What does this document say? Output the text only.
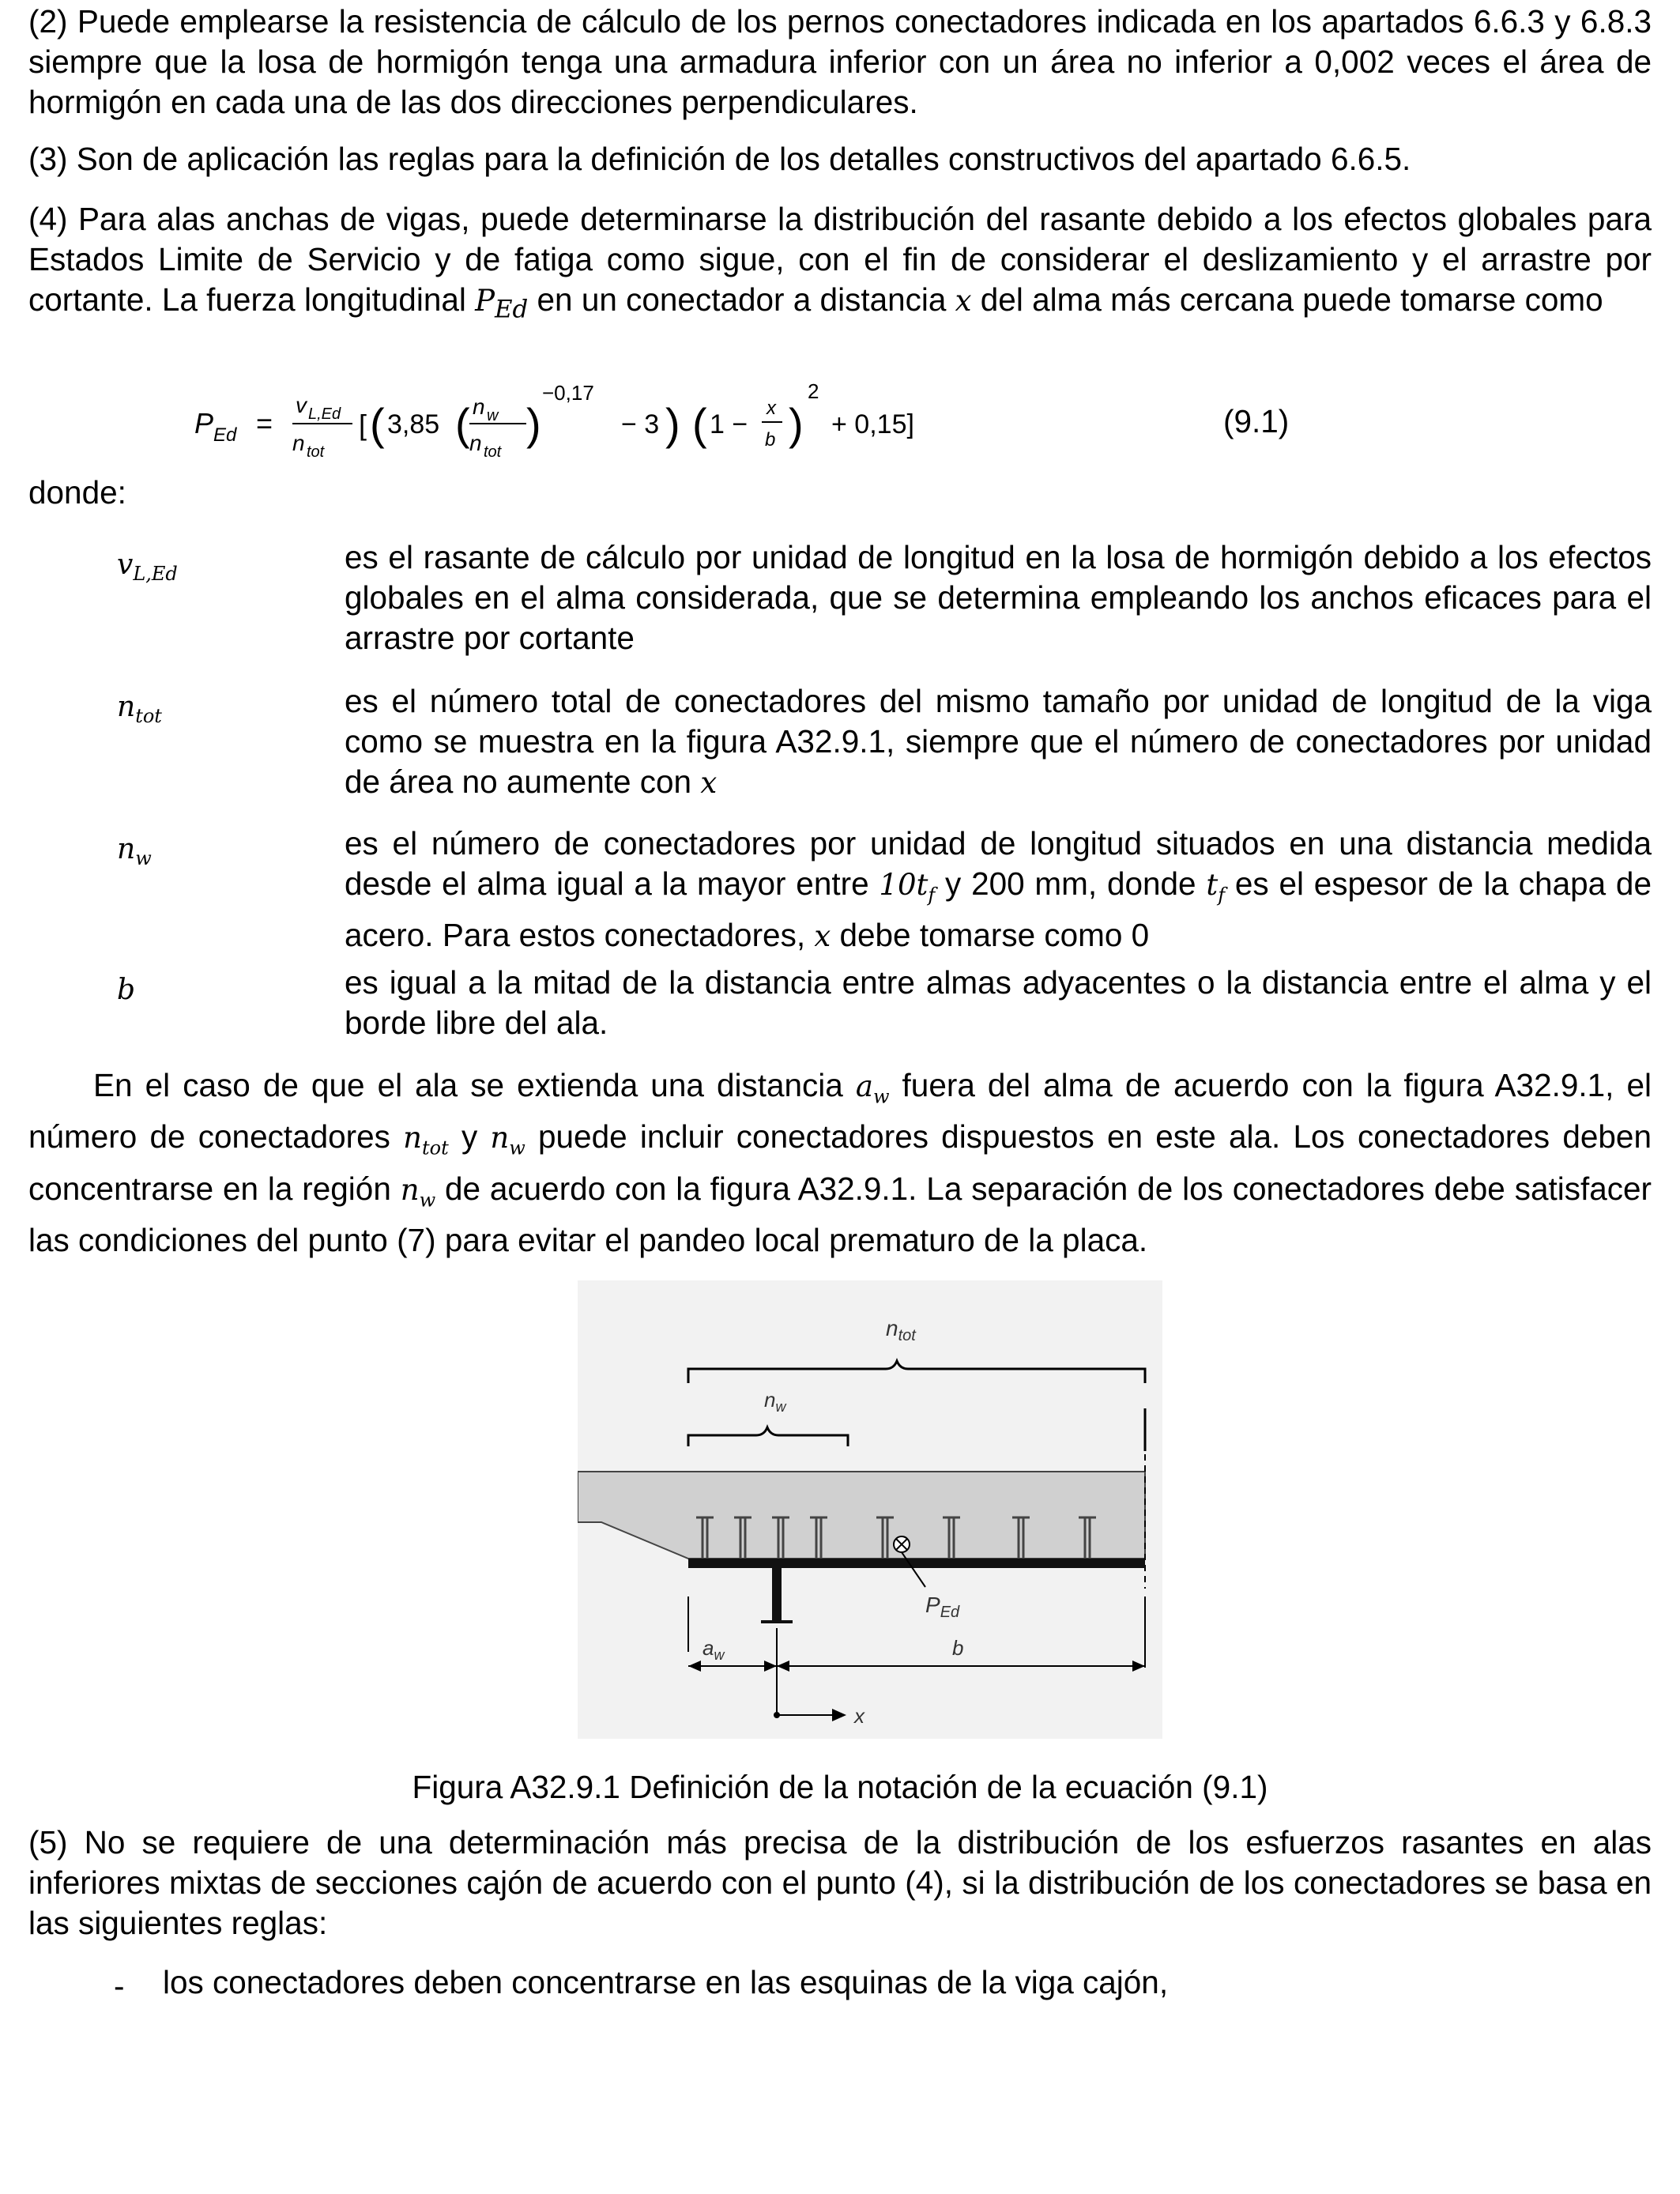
(2) Puede emplearse la resistencia de cálculo de los pernos conectadores indicada en los apartados 6.6.3 y 6.8.3 siempre que la losa de hormigón tenga una armadura inferior con un área no inferior a 0,002 veces el área de hormigón en cada una de las dos direcciones perpendiculares.

(3) Son de aplicación las reglas para la definición de los detalles constructivos del apartado 6.6.5.

(4) Para alas anchas de vigas, puede determinarse la distribución del rasante debido a los efectos globales para Estados Limite de Servicio y de fatiga como sigue, con el fin de considerar el deslizamiento y el arrastre por cortante. La fuerza longitudinal $P_{Ed}$ en un conectador a distancia x del alma más cercana puede tomarse como

P Ed =
v L,Ed
n tot
[ ( 3,85 ( n w
n tot
)
−0,17
− 3 ) ( 1 −
x
b )
2
+ 0,15]	(9.1)
donde:
$v_{L,Ed}$	es el rasante de cálculo por unidad de longitud en la losa de hormigón debido a los efectos globales en el alma considerada, que se determina empleando los anchos eficaces para el arrastre por cortante

$n_{tot}$	es el número total de conectadores del mismo tamaño por unidad de longitud de la viga como se muestra en la figura A32.9.1, siempre que el número de conectadores por unidad de área no aumente con x

$n_w$	es el número de conectadores por unidad de longitud situados en una distancia medida desde el alma igual a la mayor entre $10t_f$ y 200 mm, donde $t_f$ es el espesor de la chapa de acero. Para estos conectadores, x debe tomarse como 0

b	es igual a la mitad de la distancia entre almas adyacentes o la distancia entre el alma y el borde libre del ala.

En el caso de que el ala se extienda una distancia $a_w$ fuera del alma de acuerdo con la figura A32.9.1, el número de conectadores $n_{tot}$ y $n_w$ puede incluir conectadores dispuestos en este ala. Los conectadores deben concentrarse en la región $n_w$ de acuerdo con la figura A32.9.1. La separación de los conectadores debe satisfacer las condiciones del punto (7) para evitar el pandeo local prematuro de la placa.

$n_{tot}$
$n_w$
$P_{Ed}$
$a_w$	b
x
Figura A32.9.1 Definición de la notación de la ecuación (9.1)

(5) No se requiere de una determinación más precisa de la distribución de los esfuerzos rasantes en alas inferiores mixtas de secciones cajón de acuerdo con el punto (4), si la distribución de los conectadores se basa en las siguientes reglas:

- los conectadores deben concentrarse en las esquinas de la viga cajón,
